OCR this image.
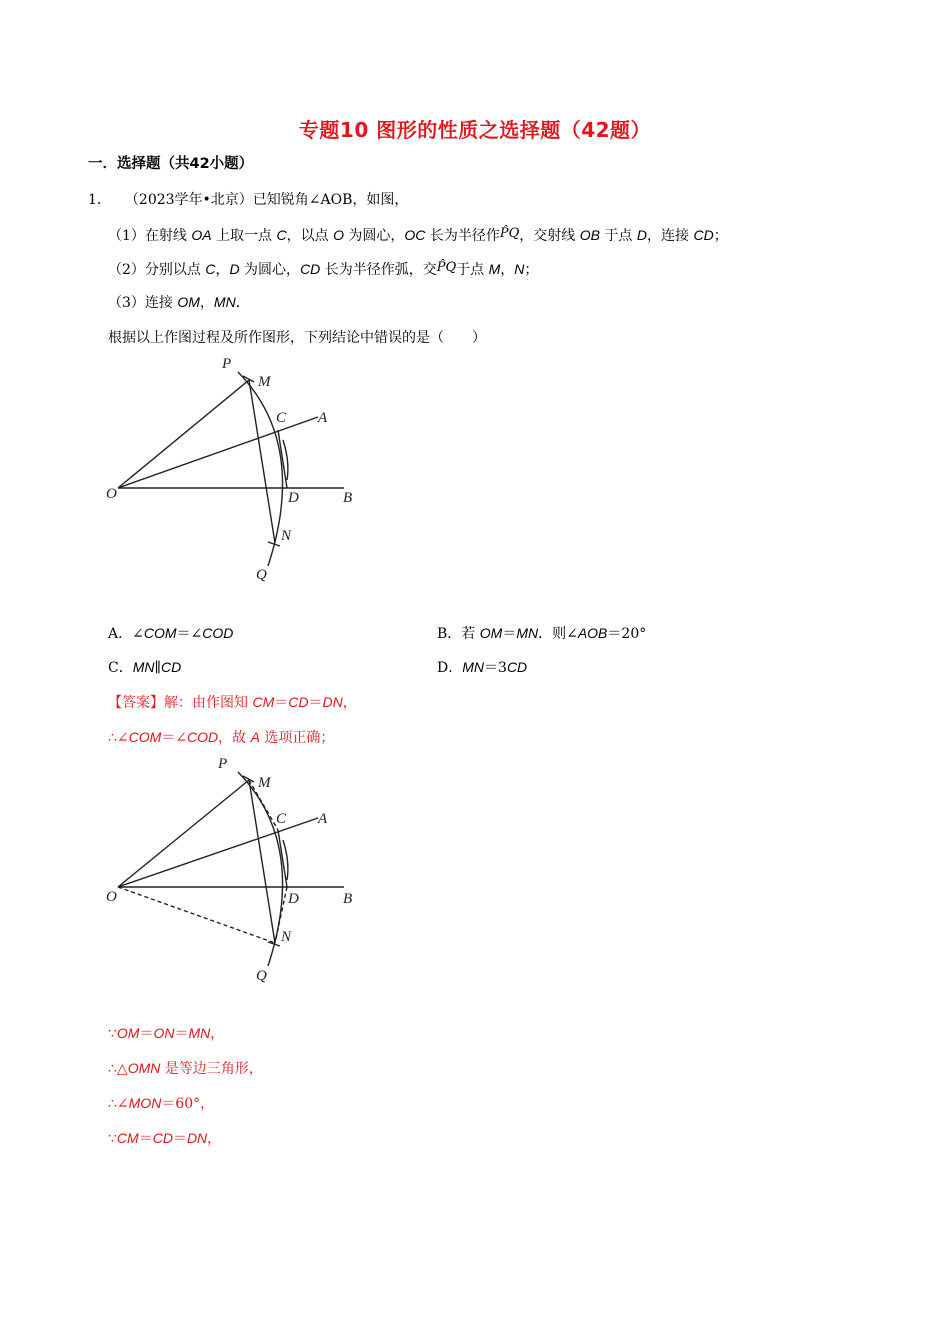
专题10 图形的性质之选择题（42题）
一．选择题（共42小题）
1． （2023学年•北京）已知锐角∠AOB，如图，
（1）在射线 OA 上取一点 C，以点 O 为圆心，OC 长为半径作P̂Q，交射线 OB 于点 D，连接 CD；
（2）分别以点 C，D 为圆心，CD 长为半径作弧，交P̂Q于点 M，N；
（3）连接 OM，MN．
根据以上作图过程及所作图形，下列结论中错误的是（　　）
P
M
C A
O	D	B
N
Q
A．∠COM＝∠COD	B．若 OM＝MN．则∠AOB＝20°
C．MN∥CD	D．MN＝3CD
【答案】解：由作图知 CM＝CD＝DN，
∴∠COM＝∠COD，故 A 选项正确；
P
M
C A
O	D	B
N
Q
∵OM＝ON＝MN，
∴△OMN 是等边三角形，
∴∠MON＝60°，
∵CM＝CD＝DN，
